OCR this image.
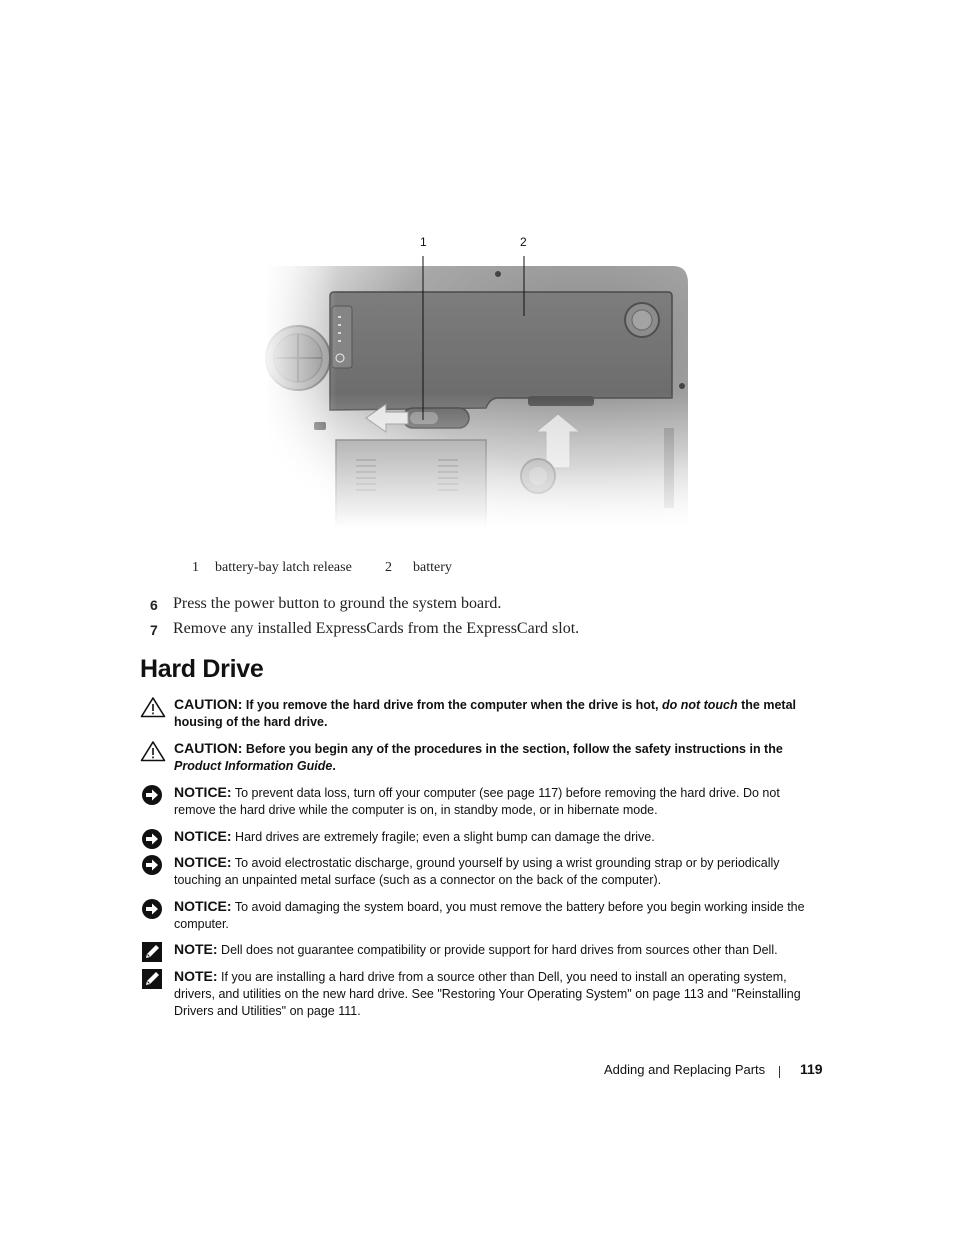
1	2
1 battery-bay latch release 2 battery
6 Press the power button to ground the system board.
7 Remove any installed ExpressCards from the ExpressCard slot.
Hard Drive
CAUTION: If you remove the hard drive from the computer when the drive is hot, do not touch the metal housing of the hard drive.
CAUTION: Before you begin any of the procedures in the section, follow the safety instructions in the Product Information Guide.
NOTICE: To prevent data loss, turn off your computer (see page 117) before removing the hard drive. Do not remove the hard drive while the computer is on, in standby mode, or in hibernate mode.
NOTICE: Hard drives are extremely fragile; even a slight bump can damage the drive.
NOTICE: To avoid electrostatic discharge, ground yourself by using a wrist grounding strap or by periodically touching an unpainted metal surface (such as a connector on the back of the computer).
NOTICE: To avoid damaging the system board, you must remove the battery before you begin working inside the computer.
NOTE: Dell does not guarantee compatibility or provide support for hard drives from sources other than Dell.
NOTE: If you are installing a hard drive from a source other than Dell, you need to install an operating system, drivers, and utilities on the new hard drive. See "Restoring Your Operating System" on page 113 and "Reinstalling Drivers and Utilities" on page 111.
Adding and Replacing Parts 119
